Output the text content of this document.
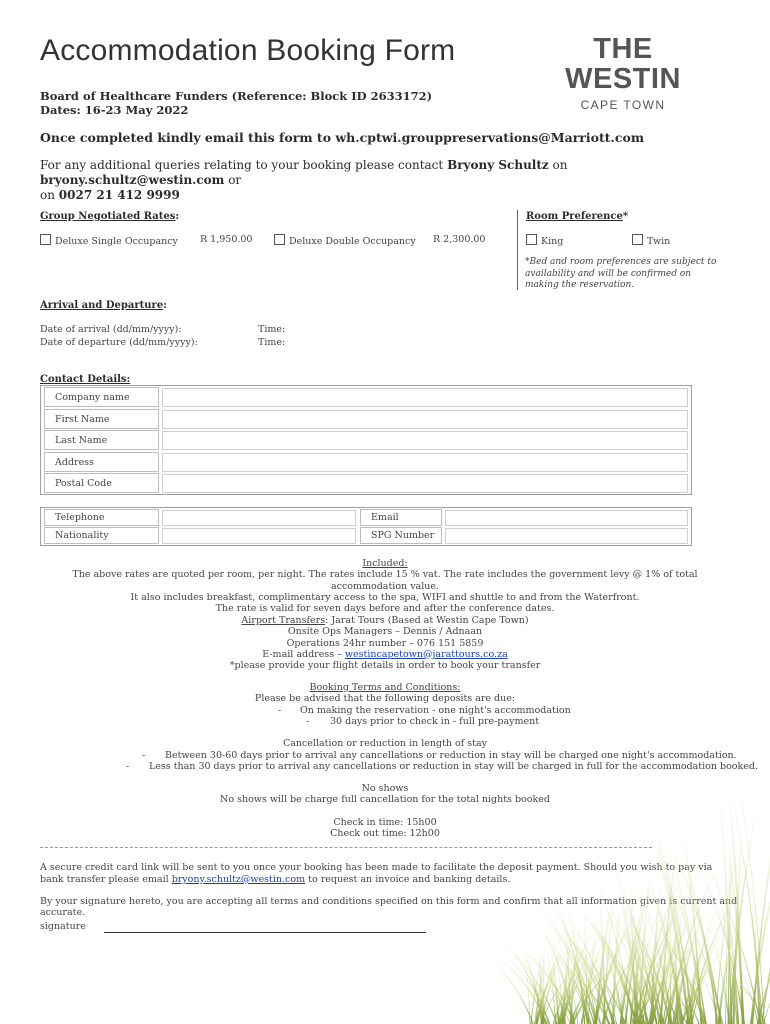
Accommodation Booking Form	THE WESTIN
CAPE TOWN
Board of Healthcare Funders (Reference: Block ID 2633172)
Dates: 16-23 May 2022
Once completed kindly email this form to wh.cptwi.grouppreservations@Marriott.com
For any additional queries relating to your booking please contact Bryony Schultz on bryony.schultz@westin.com or
on 0027 21 412 9999
Group Negotiated Rates:
Deluxe Single Occupancy R 1,950.00	Deluxe Double Occupancy R 2,300.00
Room Preference*
King	Twin
*Bed and room preferences are subject to availability and will be confirmed on making the reservation.
Arrival and Departure:
Date of arrival (dd/mm/yyyy):	Time:
Date of departure (dd/mm/yyyy):	Time:
Contact Details:
Company name
First Name
Last Name
Address
Postal Code
Telephone	Email
Nationality	SPG Number
Included:
The above rates are quoted per room, per night. The rates include 15 % vat. The rate includes the government levy @ 1% of total accommodation value.
It also includes breakfast, complimentary access to the spa, WIFI and shuttle to and from the Waterfront.
The rate is valid for seven days before and after the conference dates.
Airport Transfers: Jarat Tours (Based at Westin Cape Town)
Onsite Ops Managers – Dennis / Adnaan
Operations 24hr number – 076 151 5859
E-mail address – westincapetown@jarattours.co.za
*please provide your flight details in order to book your transfer
Booking Terms and Conditions:
Please be advised that the following deposits are due:
- On making the reservation - one night's accommodation
- 30 days prior to check in - full pre-payment
Cancellation or reduction in length of stay
- Between 30-60 days prior to arrival any cancellations or reduction in stay will be charged one night's accommodation.
- Less than 30 days prior to arrival any cancellations or reduction in stay will be charged in full for the accommodation booked.
No shows
No shows will be charge full cancellation for the total nights booked
Check in time: 15h00
Check out time: 12h00
A secure credit card link will be sent to you once your booking has been made to facilitate the deposit payment. Should you wish to pay via bank transfer please email bryony.schultz@westin.com to request an invoice and banking details.
By your signature hereto, you are accepting all terms and conditions specified on this form and confirm that all information given is current and accurate.
signature
